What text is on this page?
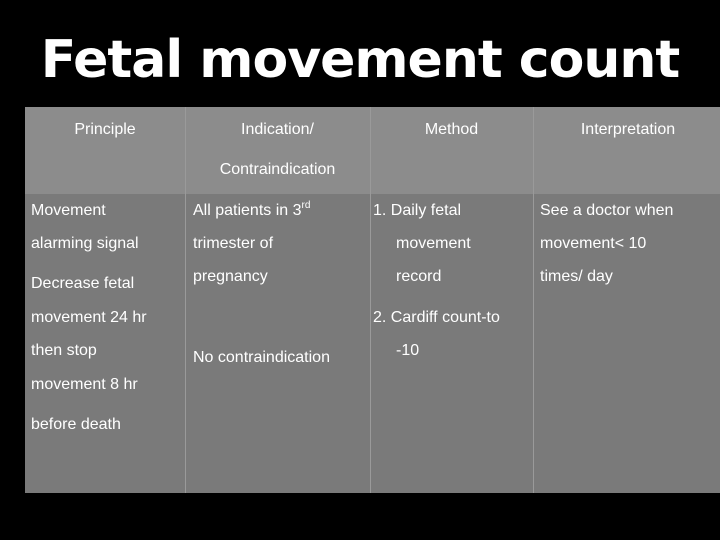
Fetal movement count
Principle	Indication/
Contraindication
Method	Interpretation
Movement
alarming signal
Decrease fetal
movement 24 hr
then stop
movement 8 hr
before death
All patients in 3rd
trimester of
pregnancy
No contraindication
1. Daily fetal
movement
record
2. Cardiff count-to
-10
See a doctor when
movement< 10
times/ day
